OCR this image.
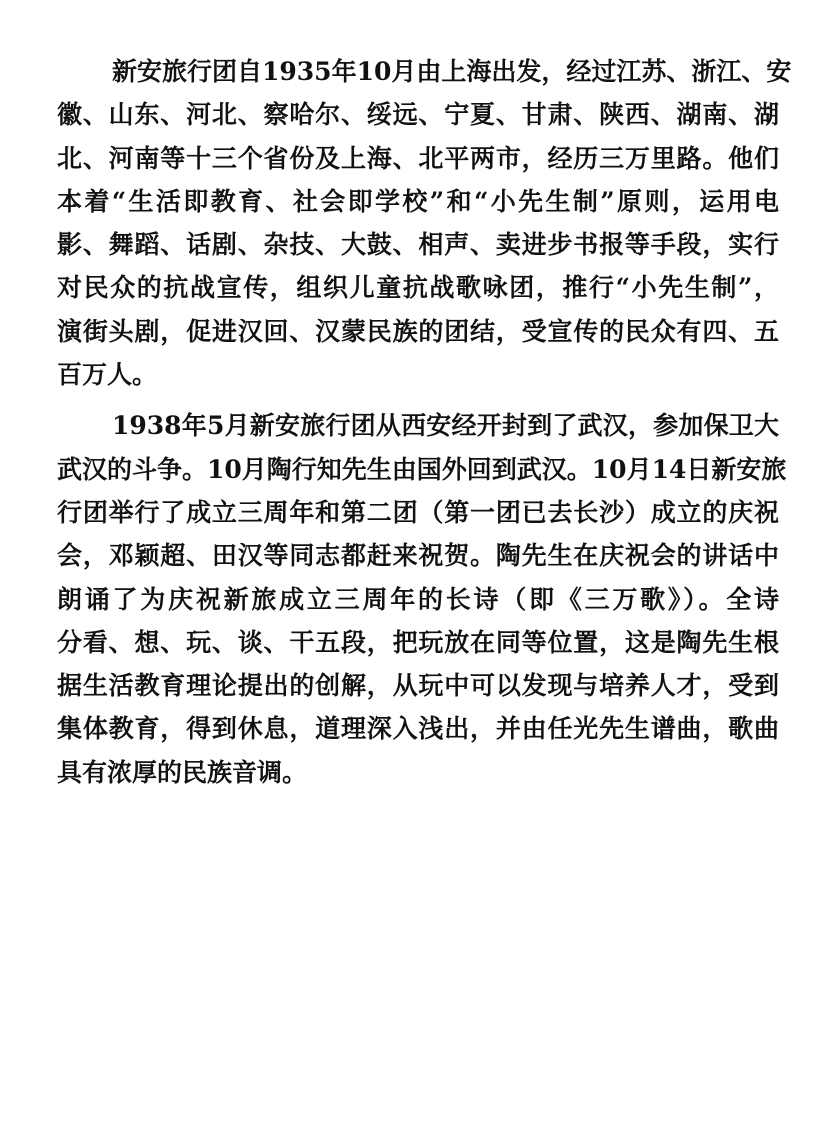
新安旅行团自1935年10月由上海出发，经过江苏、浙江、安
徽、山东、河北、察哈尔、绥远、宁夏、甘肃、陕西、湖南、湖
北、河南等十三个省份及上海、北平两市，经历三万里路。他们
本着“生活即教育、社会即学校”和“小先生制”原则，运用电
影、舞蹈、话剧、杂技、大鼓、相声、卖进步书报等手段，实行
对民众的抗战宣传，组织儿童抗战歌咏团，推行“小先生制”，
演街头剧，促进汉回、汉蒙民族的团结，受宣传的民众有四、五
百万人。
1938年5月新安旅行团从西安经开封到了武汉，参加保卫大
武汉的斗争。10月陶行知先生由国外回到武汉。10月14日新安旅
行团举行了成立三周年和第二团（第一团已去长沙）成立的庆祝
会，邓颖超、田汉等同志都赶来祝贺。陶先生在庆祝会的讲话中
朗诵了为庆祝新旅成立三周年的长诗（即《三万歌》）。全诗
分看、想、玩、谈、干五段，把玩放在同等位置，这是陶先生根
据生活教育理论提出的创解，从玩中可以发现与培养人才，受到
集体教育，得到休息，道理深入浅出，并由任光先生谱曲，歌曲
具有浓厚的民族音调。
